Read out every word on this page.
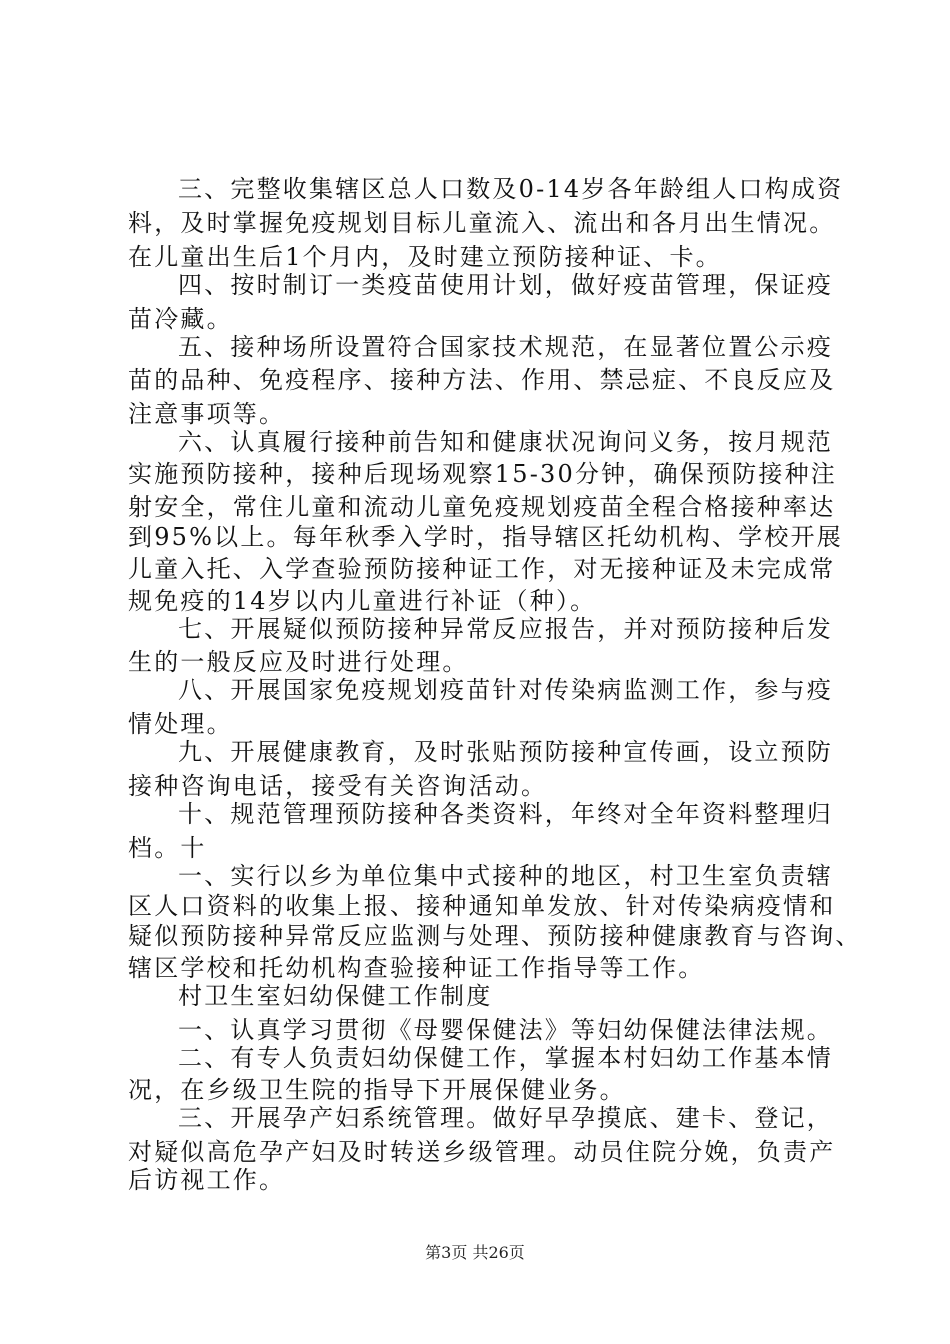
三、完整收集辖区总人口数及0-14岁各年龄组人口构成资
料，及时掌握免疫规划目标儿童流入、流出和各月出生情况。
在儿童出生后1个月内，及时建立预防接种证、卡。
四、按时制订一类疫苗使用计划，做好疫苗管理，保证疫
苗冷藏。
五、接种场所设置符合国家技术规范，在显著位置公示疫
苗的品种、免疫程序、接种方法、作用、禁忌症、不良反应及
注意事项等。
六、认真履行接种前告知和健康状况询问义务，按月规范
实施预防接种，接种后现场观察15-30分钟，确保预防接种注
射安全，常住儿童和流动儿童免疫规划疫苗全程合格接种率达
到95%以上。每年秋季入学时，指导辖区托幼机构、学校开展
儿童入托、入学查验预防接种证工作，对无接种证及未完成常
规免疫的14岁以内儿童进行补证（种）。
七、开展疑似预防接种异常反应报告，并对预防接种后发
生的一般反应及时进行处理。
八、开展国家免疫规划疫苗针对传染病监测工作，参与疫
情处理。
九、开展健康教育，及时张贴预防接种宣传画，设立预防
接种咨询电话，接受有关咨询活动。
十、规范管理预防接种各类资料，年终对全年资料整理归
档。十
一、实行以乡为单位集中式接种的地区，村卫生室负责辖
区人口资料的收集上报、接种通知单发放、针对传染病疫情和
疑似预防接种异常反应监测与处理、预防接种健康教育与咨询、
辖区学校和托幼机构查验接种证工作指导等工作。
村卫生室妇幼保健工作制度
一、认真学习贯彻《母婴保健法》等妇幼保健法律法规。
二、有专人负责妇幼保健工作，掌握本村妇幼工作基本情
况，在乡级卫生院的指导下开展保健业务。
三、开展孕产妇系统管理。做好早孕摸底、建卡、登记，
对疑似高危孕产妇及时转送乡级管理。动员住院分娩，负责产
后访视工作。
第3页 共26页
